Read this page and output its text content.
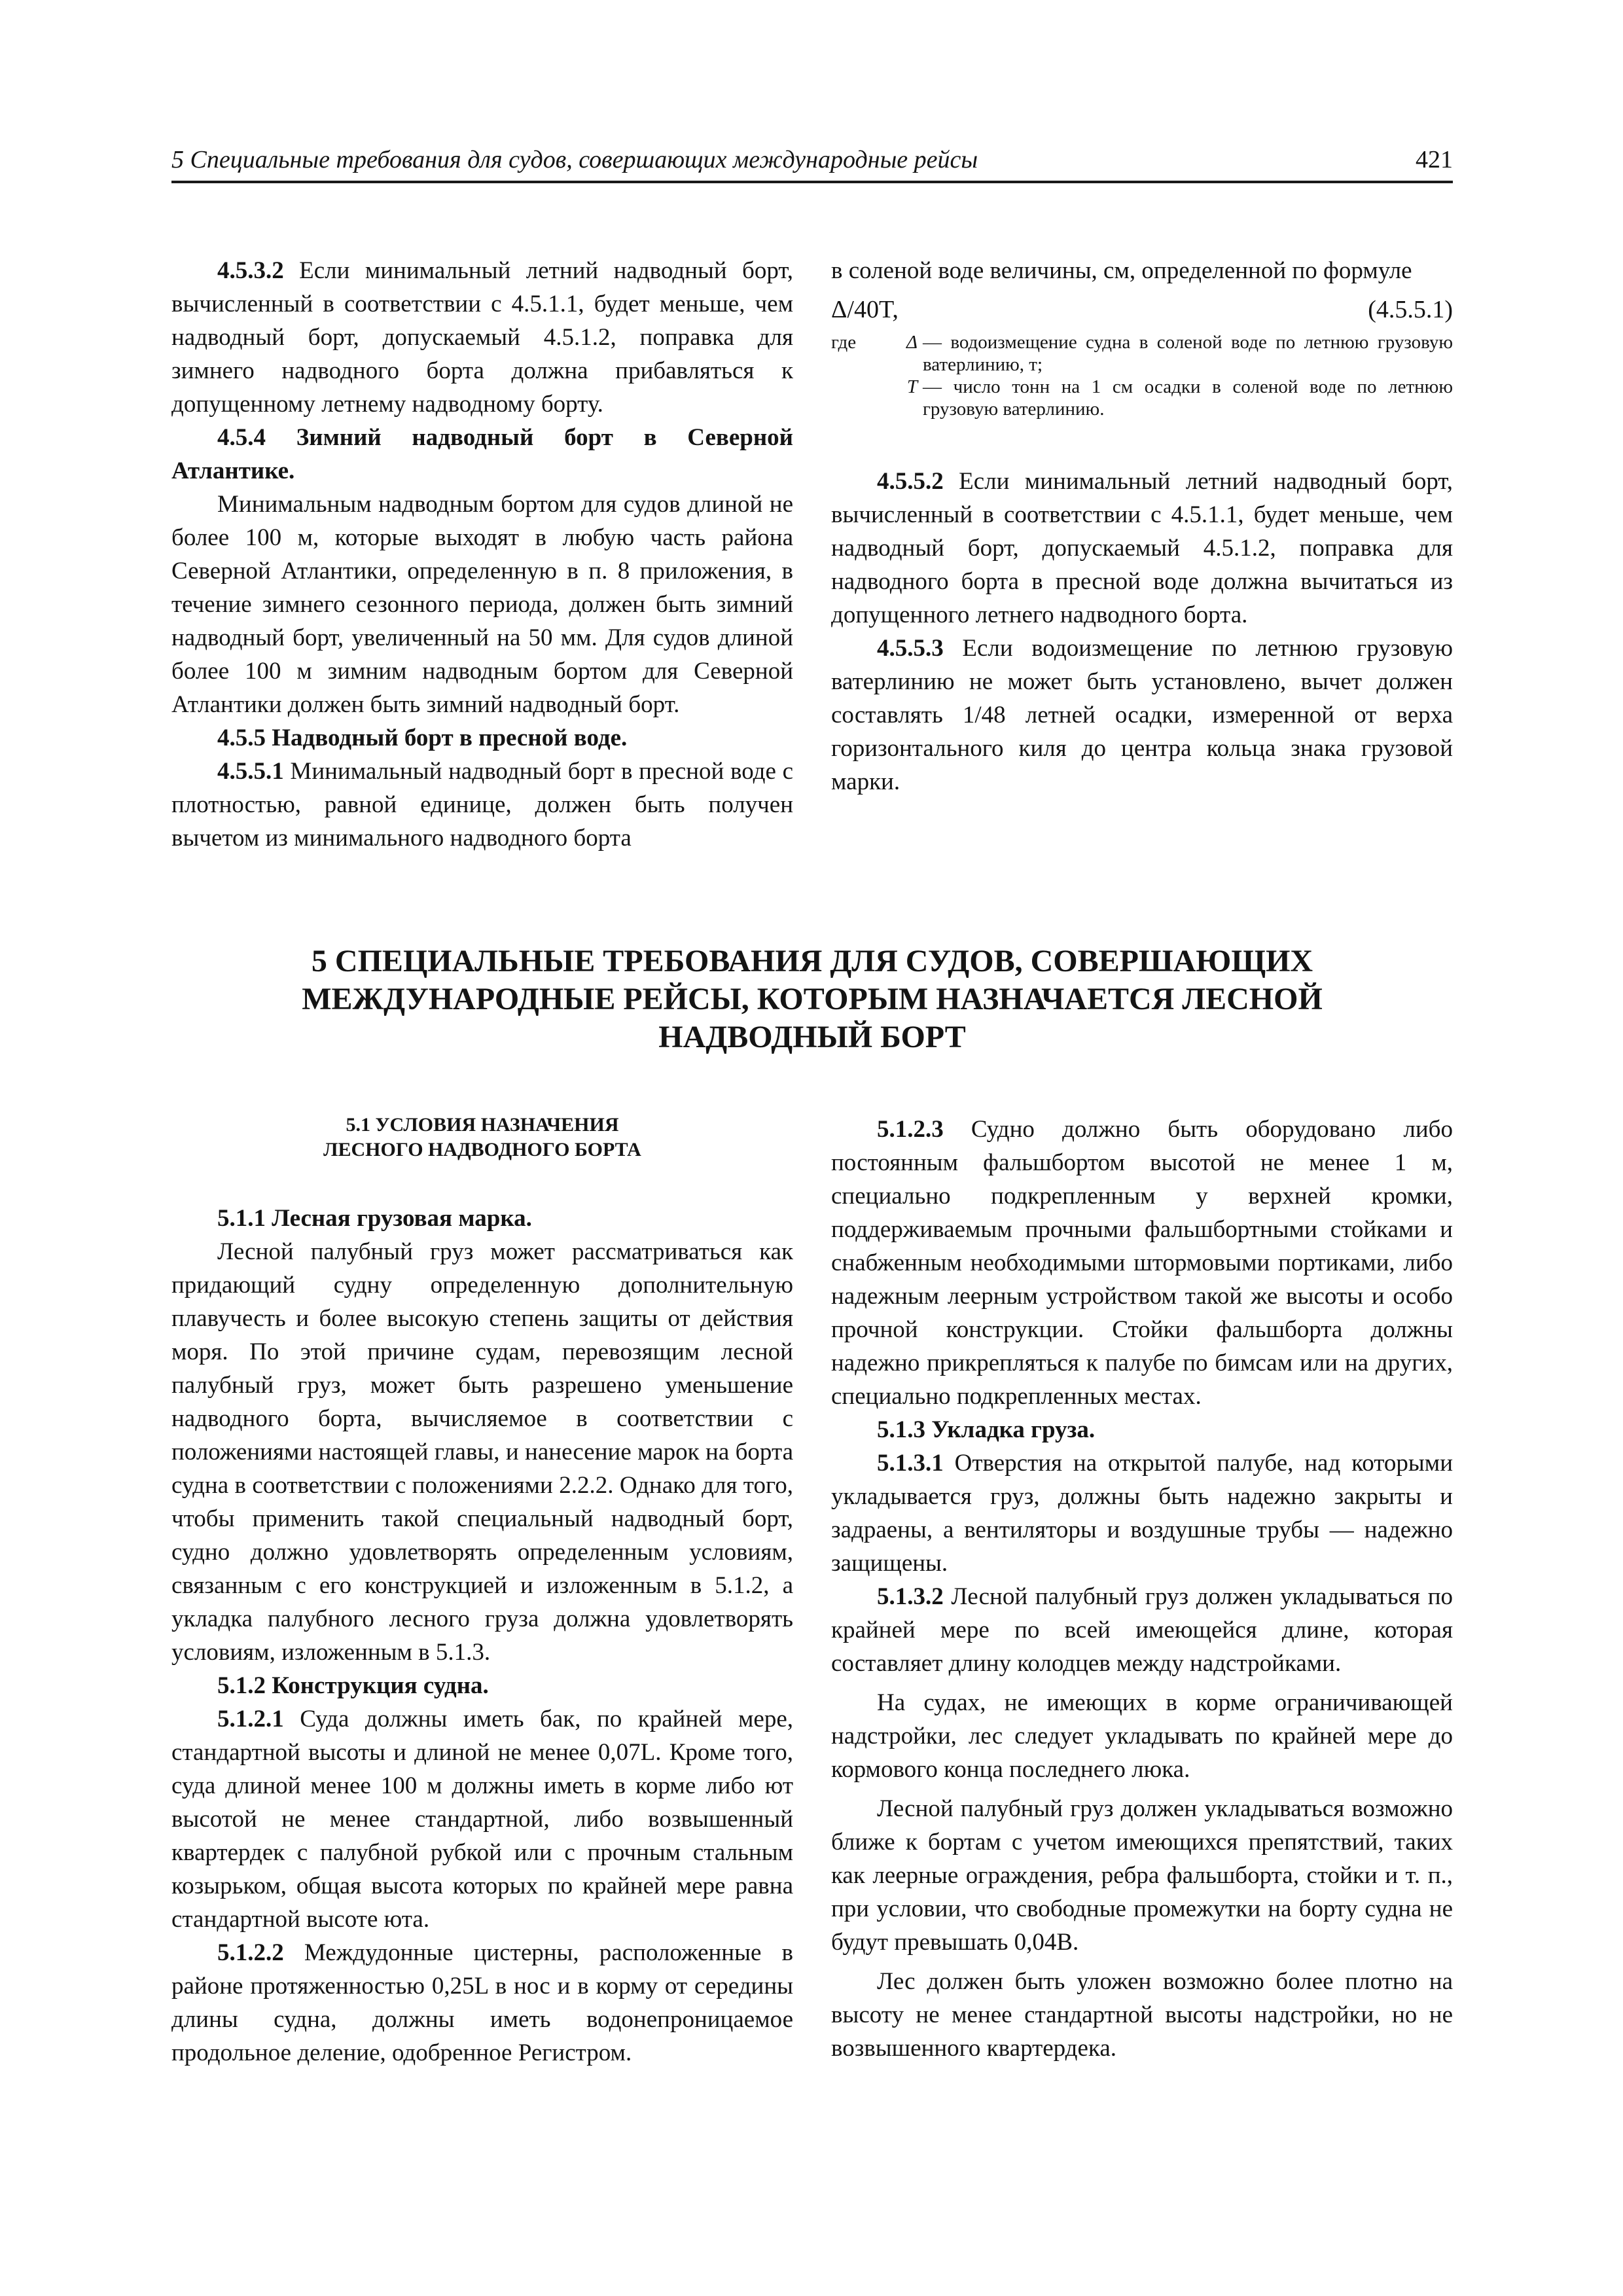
5 Специальные требования для судов, совершающих международные рейсы	421

4.5.3.2 Если минимальный летний надводный борт, вычисленный в соответствии с 4.5.1.1, будет меньше, чем надводный борт, допускаемый 4.5.1.2, поправка для зимнего надводного борта должна прибавляться к допущенному летнему надводному борту.

4.5.4 Зимний надводный борт в Северной Атлантике.

Минимальным надводным бортом для судов длиной не более 100 м, которые выходят в любую часть района Северной Атлантики, определенную в п. 8 приложения, в течение зимнего сезонного периода, должен быть зимний надводный борт, увеличенный на 50 мм. Для судов длиной более 100 м зимним надводным бортом для Северной Атлантики должен быть зимний надводный борт.

4.5.5 Надводный борт в пресной воде.

4.5.5.1 Минимальный надводный борт в пресной воде с плотностью, равной единице, должен быть получен вычетом из минимального надводного борта

в соленой воде величины, см, определенной по формуле

Δ/40T,	(4.5.5.1)
где	Δ — водоизмещение судна в соленой воде по летнюю грузовую ватерлинию, т;
T — число тонн на 1 см осадки в соленой воде по летнюю грузовую ватерлинию.

4.5.5.2 Если минимальный летний надводный борт, вычисленный в соответствии с 4.5.1.1, будет меньше, чем надводный борт, допускаемый 4.5.1.2, поправка для надводного борта в пресной воде должна вычитаться из допущенного летнего надводного борта.

4.5.5.3 Если водоизмещение по летнюю грузовую ватерлинию не может быть установлено, вычет должен составлять 1/48 летней осадки, измеренной от верха горизонтального киля до центра кольца знака грузовой марки.

5 СПЕЦИАЛЬНЫЕ ТРЕБОВАНИЯ ДЛЯ СУДОВ, СОВЕРШАЮЩИХ
МЕЖДУНАРОДНЫЕ РЕЙСЫ, КОТОРЫМ НАЗНАЧАЕТСЯ ЛЕСНОЙ
НАДВОДНЫЙ БОРТ
5.1 УСЛОВИЯ НАЗНАЧЕНИЯ
ЛЕСНОГО НАДВОДНОГО БОРТА

5.1.1 Лесная грузовая марка.

Лесной палубный груз может рассматриваться как придающий судну определенную дополнительную плавучесть и более высокую степень защиты от действия моря. По этой причине судам, перевозящим лесной палубный груз, может быть разрешено уменьшение надводного борта, вычисляемое в соответствии с положениями настоящей главы, и нанесение марок на борта судна в соответствии с положениями 2.2.2. Однако для того, чтобы применить такой специальный надводный борт, судно должно удовлетворять определенным условиям, связанным с его конструкцией и изложенным в 5.1.2, а укладка палубного лесного груза должна удовлетворять условиям, изложенным в 5.1.3.

5.1.2 Конструкция судна.

5.1.2.1 Суда должны иметь бак, по крайней мере, стандартной высоты и длиной не менее 0,07L. Кроме того, суда длиной менее 100 м должны иметь в корме либо ют высотой не менее стандартной, либо возвышенный квартердек с палубной рубкой или с прочным стальным козырьком, общая высота которых по крайней мере равна стандартной высоте юта.

5.1.2.2 Междудонные цистерны, расположенные в районе протяженностью 0,25L в нос и в корму от середины длины судна, должны иметь водонепроницаемое продольное деление, одобренное Регистром.

5.1.2.3 Судно должно быть оборудовано либо постоянным фальшбортом высотой не менее 1 м, специально подкрепленным у верхней кромки, поддерживаемым прочными фальшбортными стойками и снабженным необходимыми штормовыми портиками, либо надежным леерным устройством такой же высоты и особо прочной конструкции. Стойки фальшборта должны надежно прикрепляться к палубе по бимсам или на других, специально подкрепленных местах.

5.1.3 Укладка груза.

5.1.3.1 Отверстия на открытой палубе, над которыми укладывается груз, должны быть надежно закрыты и задраены, а вентиляторы и воздушные трубы — надежно защищены.

5.1.3.2 Лесной палубный груз должен укладываться по крайней мере по всей имеющейся длине, которая составляет длину колодцев между надстройками.

На судах, не имеющих в корме ограничивающей надстройки, лес следует укладывать по крайней мере до кормового конца последнего люка.

Лесной палубный груз должен укладываться возможно ближе к бортам с учетом имеющихся препятствий, таких как леерные ограждения, ребра фальшборта, стойки и т. п., при условии, что свободные промежутки на борту судна не будут превышать 0,04B.

Лес должен быть уложен возможно более плотно на высоту не менее стандартной высоты надстройки, но не возвышенного квартердека.
